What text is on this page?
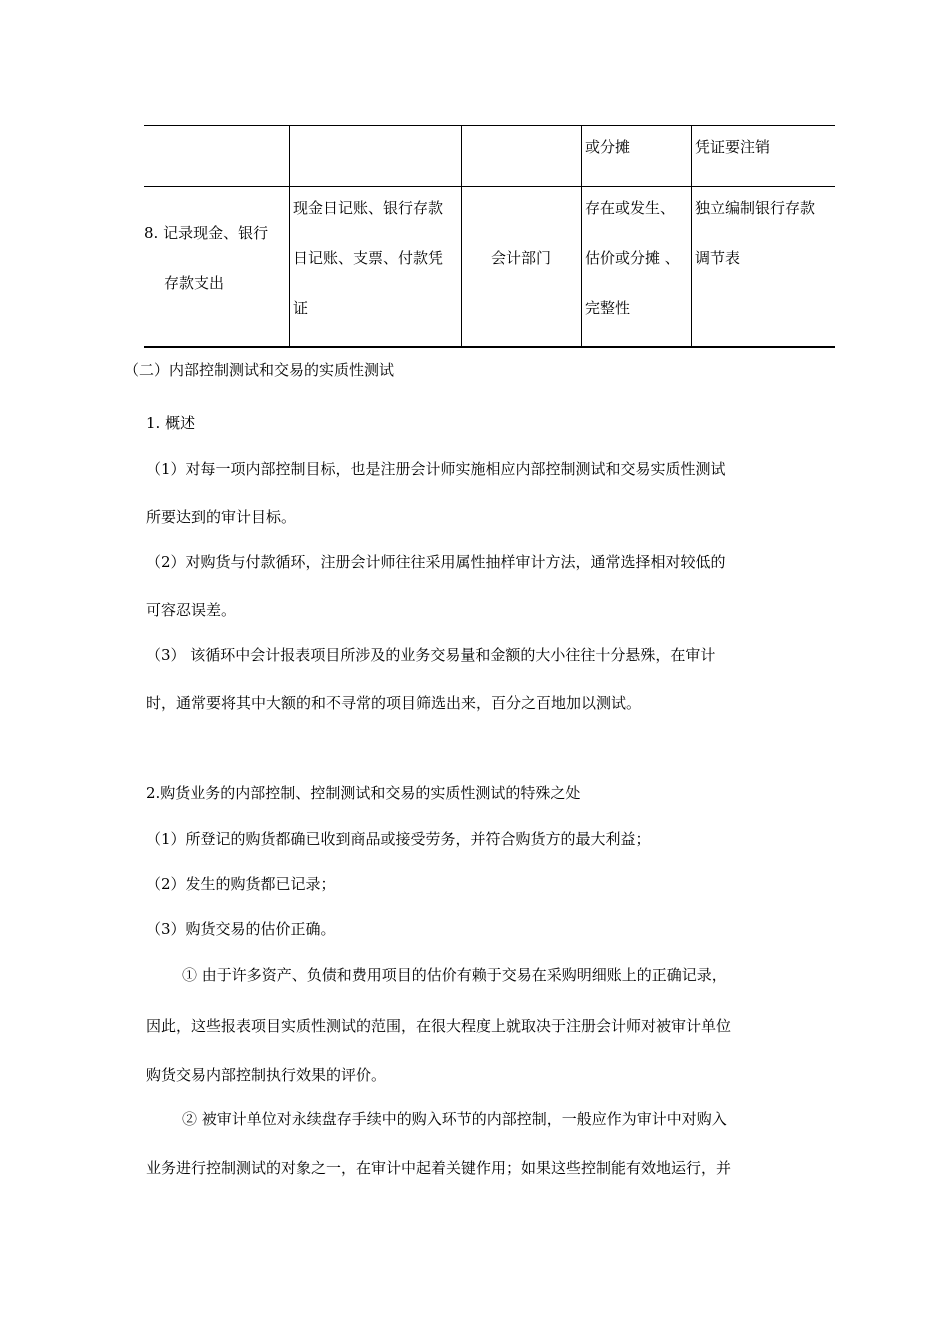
或分摊	凭证要注销
8. 记录现金、银行
存款支出
现金日记账、银行存款
日记账、支票、付款凭
证
会计部门
存在或发生、
估价或分摊 、
完整性
独立编制银行存款
调节表
（二）内部控制测试和交易的实质性测试
1. 概述
（1）对每一项内部控制目标，也是注册会计师实施相应内部控制测试和交易实质性测试
所要达到的审计目标。
（2）对购货与付款循环，注册会计师往往采用属性抽样审计方法，通常选择相对较低的
可容忍误差。
（3） 该循环中会计报表项目所涉及的业务交易量和金额的大小往往十分悬殊，在审计
时，通常要将其中大额的和不寻常的项目筛选出来，百分之百地加以测试。
2.购货业务的内部控制、控制测试和交易的实质性测试的特殊之处
（1）所登记的购货都确已收到商品或接受劳务，并符合购货方的最大利益；
（2）发生的购货都已记录；
（3）购货交易的估价正确。
① 由于许多资产、负债和费用项目的估价有赖于交易在采购明细账上的正确记录，
因此，这些报表项目实质性测试的范围，在很大程度上就取决于注册会计师对被审计单位
购货交易内部控制执行效果的评价。
② 被审计单位对永续盘存手续中的购入环节的内部控制，一般应作为审计中对购入
业务进行控制测试的对象之一，在审计中起着关键作用；如果这些控制能有效地运行，并
